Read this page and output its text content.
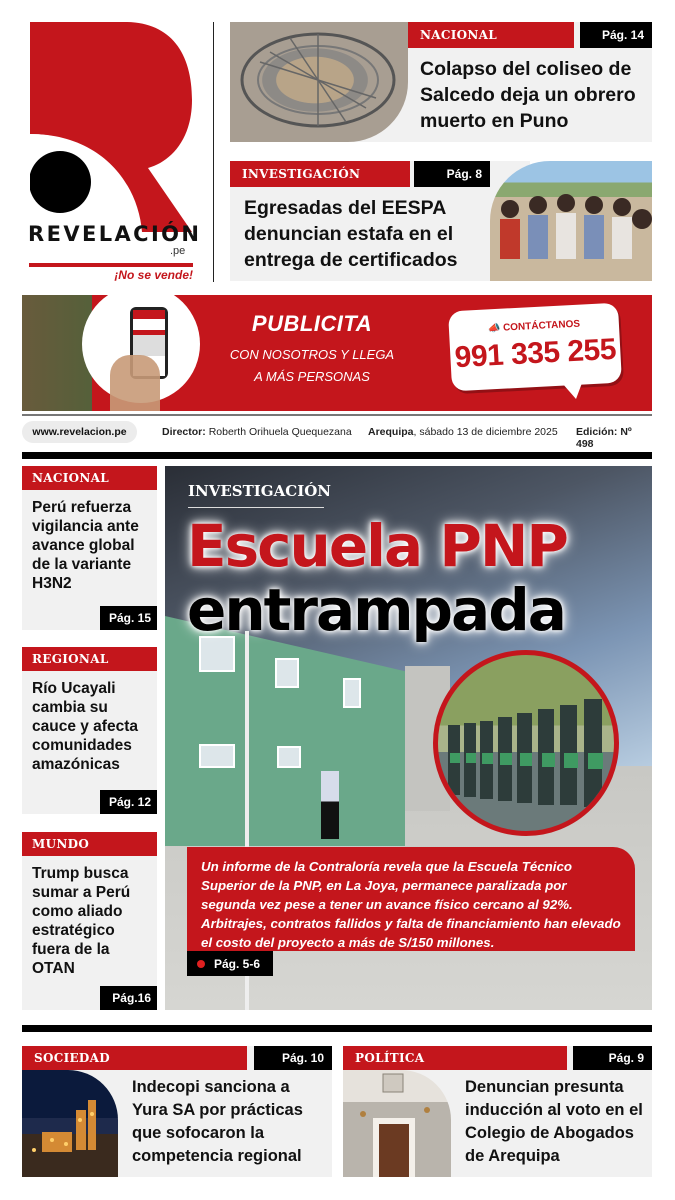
REVELACIÓN
.pe
¡No se vende!
NACIONAL	Pág. 14
Colapso del coliseo de Salcedo deja un obrero muerto en Puno
INVESTIGACIÓN	Pág. 8
Egresadas del EESPA denuncian estafa en el entrega de certificados
PUBLICITA
CON NOSOTROS Y LLEGA
A MÁS PERSONAS
📣 CONTÁCTANOS
991 335 255
www.revelacion.pe	Director: Roberth Orihuela Quequezana Arequipa, sábado 13 de diciembre 2025 Edición: Nº 498
NACIONAL
Perú refuerza vigilancia ante avance global de la variante H3N2
Pág. 15
REGIONAL
Río Ucayali cambia su cauce y afecta comunidades amazónicas
Pág. 12
MUNDO
Trump busca sumar a Perú como aliado estratégico fuera de la OTAN
Pág.16
INVESTIGACIÓN
Escuela PNP
entrampada
Un informe de la Contraloría revela que la Escuela Técnico Superior de la PNP, en La Joya, permanece paralizada por segunda vez pese a tener un avance físico cercano al 92%. Arbitrajes, contratos fallidos y falta de financiamiento han elevado el costo del proyecto a más de S/150 millones.
Pág. 5-6
SOCIEDAD	Pág. 10
Indecopi sanciona a Yura SA por prácticas que sofocaron la competencia regional
POLÍTICA	Pág. 9
Denuncian presunta inducción al voto en el Colegio de Abogados de Arequipa
